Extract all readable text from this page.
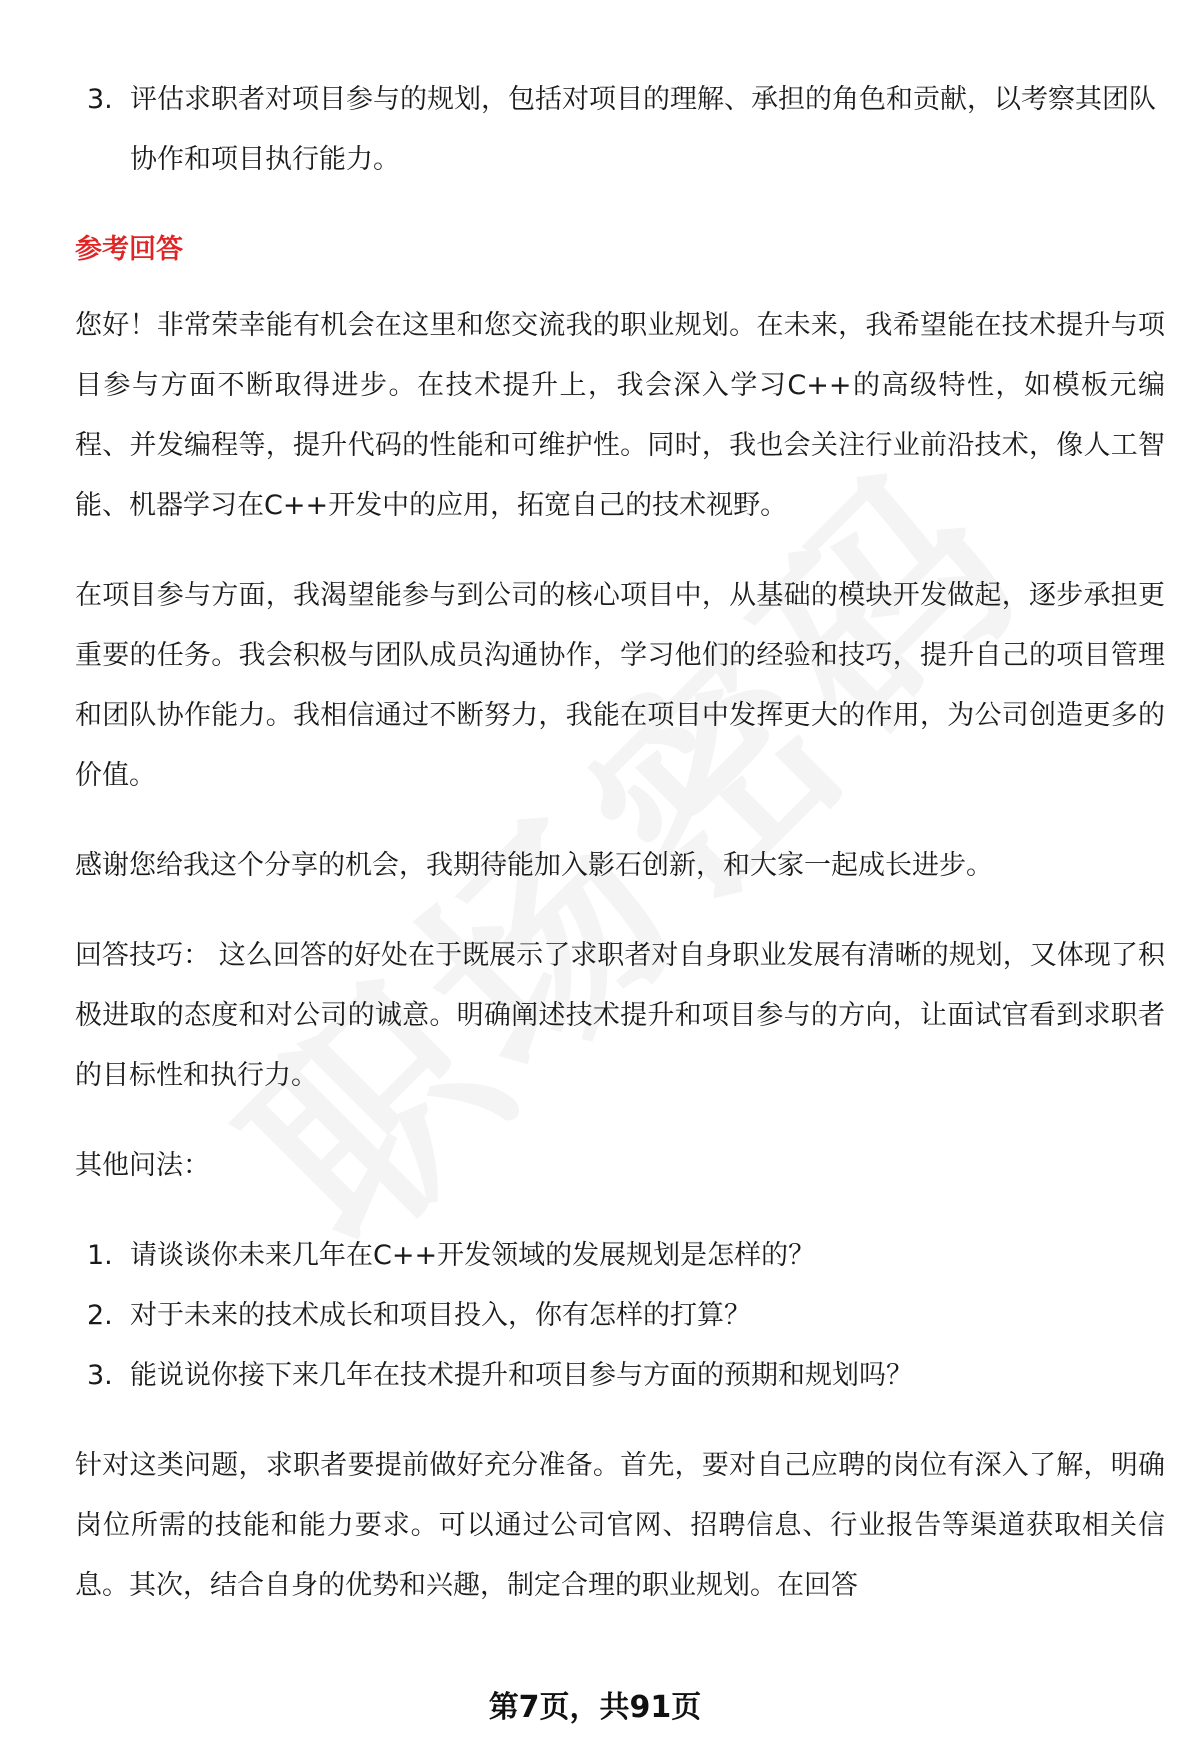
3. 评估求职者对项目参与的规划，包括对项目的理解、承担的角色和贡献，以考察其团队协作和项目执行能力。
参考回答

您好！非常荣幸能有机会在这里和您交流我的职业规划。在未来，我希望能在技术提升与项目参与方面不断取得进步。在技术提升上，我会深入学习C++的高级特性，如模板元编程、并发编程等，提升代码的性能和可维护性。同时，我也会关注行业前沿技术，像人工智能、机器学习在C++开发中的应用，拓宽自己的技术视野。

在项目参与方面，我渴望能参与到公司的核心项目中，从基础的模块开发做起，逐步承担更重要的任务。我会积极与团队成员沟通协作，学习他们的经验和技巧，提升自己的项目管理和团队协作能力。我相信通过不断努力，我能在项目中发挥更大的作用，为公司创造更多的价值。

感谢您给我这个分享的机会，我期待能加入影石创新，和大家一起成长进步。

回答技巧： 这么回答的好处在于既展示了求职者对自身职业发展有清晰的规划，又体现了积极进取的态度和对公司的诚意。明确阐述技术提升和项目参与的方向，让面试官看到求职者的目标性和执行力。

其他问法：

1. 请谈谈你未来几年在C++开发领域的发展规划是怎样的？
2. 对于未来的技术成长和项目投入，你有怎样的打算？
3. 能说说你接下来几年在技术提升和项目参与方面的预期和规划吗？

针对这类问题，求职者要提前做好充分准备。首先，要对自己应聘的岗位有深入了解，明确岗位所需的技能和能力要求。可以通过公司官网、招聘信息、行业报告等渠道获取相关信息。其次，结合自身的优势和兴趣，制定合理的职业规划。在回答

第7页，共91页
